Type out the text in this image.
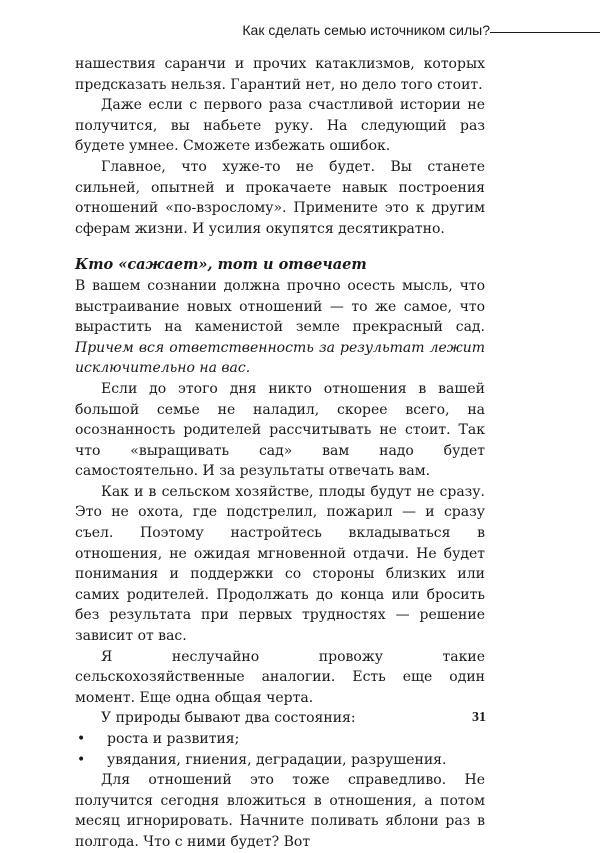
Как сделать семью источником силы?

нашествия саранчи и прочих катаклизмов, которых предсказать нельзя. Гарантий нет, но дело того стоит.

Даже если с первого раза счастливой истории не получится, вы набьете руку. На следующий раз будете умнее. Сможете избежать ошибок.

Главное, что хуже-то не будет. Вы станете сильней, опытней и прокачаете навык построения отношений «по-взрослому». Примените это к другим сферам жизни. И усилия окупятся десятикратно.

Кто «сажает», тот и отвечает

В вашем сознании должна прочно осесть мысль, что выстраивание новых отношений — то же самое, что вырастить на каменистой земле прекрасный сад. Причем вся ответственность за результат лежит исключительно на вас.

Если до этого дня никто отношения в вашей большой семье не наладил, скорее всего, на осознанность родителей рассчитывать не стоит. Так что «выращивать сад» вам надо будет самостоятельно. И за результаты отвечать вам.

Как и в сельском хозяйстве, плоды будут не сразу. Это не охота, где подстрелил, пожарил — и сразу съел. Поэтому настройтесь вкладываться в отношения, не ожидая мгновенной отдачи. Не будет понимания и поддержки со стороны близких или самих родителей. Продолжать до конца или бросить без результата при первых трудностях — решение зависит от вас.

Я неслучайно провожу такие сельскохозяйственные аналогии. Есть еще один момент. Еще одна общая черта.

У природы бывают два состояния:

• роста и развития;
• увядания, гниения, деградации, разрушения.

Для отношений это тоже справедливо. Не получится сегодня вложиться в отношения, а потом месяц игнорировать. Начните поливать яблони раз в полгода. Что с ними будет? Вот

31
